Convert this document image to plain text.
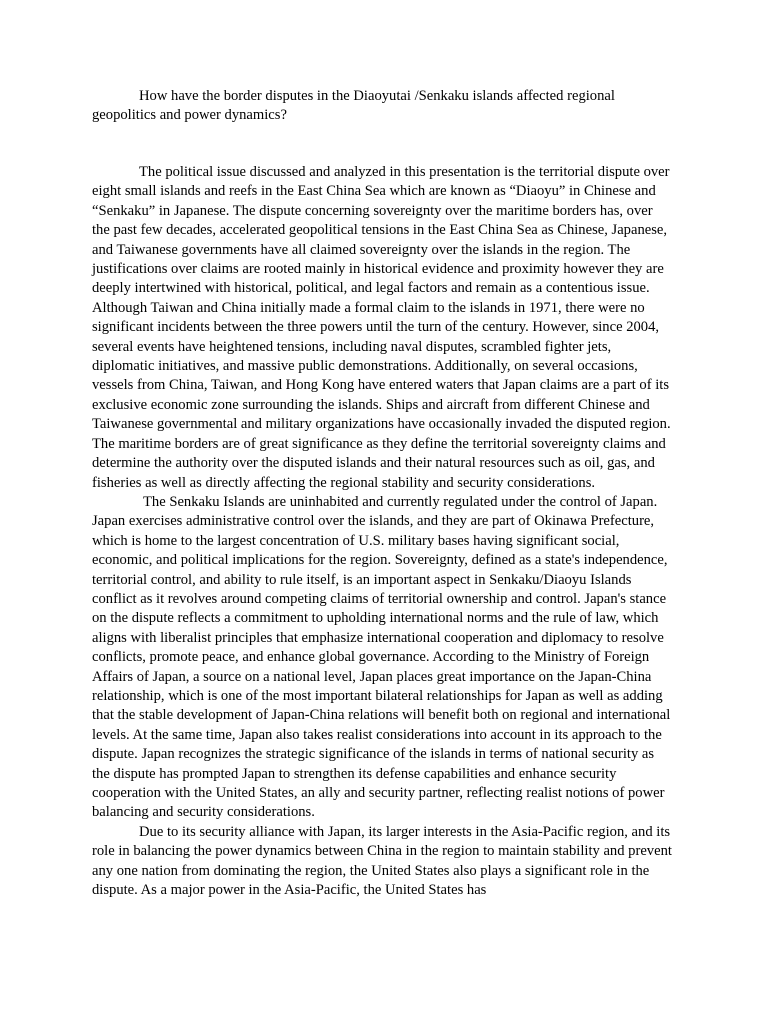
How have the border disputes in the Diaoyutai /Senkaku islands affected regional geopolitics and power dynamics?

The political issue discussed and analyzed in this presentation is the territorial dispute over eight small islands and reefs in the East China Sea which are known as “Diaoyu” in Chinese and “Senkaku” in Japanese. The dispute concerning sovereignty over the maritime borders has, over the past few decades, accelerated geopolitical tensions in the East China Sea as Chinese, Japanese, and Taiwanese governments have all claimed sovereignty over the islands in the region. The justifications over claims are rooted mainly in historical evidence and proximity however they are deeply intertwined with historical, political, and legal factors and remain as a contentious issue. Although Taiwan and China initially made a formal claim to the islands in 1971, there were no significant incidents between the three powers until the turn of the century. However, since 2004, several events have heightened tensions, including naval disputes, scrambled fighter jets, diplomatic initiatives, and massive public demonstrations. Additionally, on several occasions, vessels from China, Taiwan, and Hong Kong have entered waters that Japan claims are a part of its exclusive economic zone surrounding the islands. Ships and aircraft from different Chinese and Taiwanese governmental and military organizations have occasionally invaded the disputed region. The maritime borders are of great significance as they define the territorial sovereignty claims and determine the authority over the disputed islands and their natural resources such as oil, gas, and fisheries as well as directly affecting the regional stability and security considerations.

The Senkaku Islands are uninhabited and currently regulated under the control of Japan. Japan exercises administrative control over the islands, and they are part of Okinawa Prefecture, which is home to the largest concentration of U.S. military bases having significant social, economic, and political implications for the region. Sovereignty, defined as a state's independence, territorial control, and ability to rule itself, is an important aspect in Senkaku/Diaoyu Islands conflict as it revolves around competing claims of territorial ownership and control. Japan's stance on the dispute reflects a commitment to upholding international norms and the rule of law, which aligns with liberalist principles that emphasize international cooperation and diplomacy to resolve conflicts, promote peace, and enhance global governance. According to the Ministry of Foreign Affairs of Japan, a source on a national level, Japan places great importance on the Japan-China relationship, which is one of the most important bilateral relationships for Japan as well as adding that the stable development of Japan-China relations will benefit both on regional and international levels. At the same time, Japan also takes realist considerations into account in its approach to the dispute. Japan recognizes the strategic significance of the islands in terms of national security as the dispute has prompted Japan to strengthen its defense capabilities and enhance security cooperation with the United States, an ally and security partner, reflecting realist notions of power balancing and security considerations.

Due to its security alliance with Japan, its larger interests in the Asia-Pacific region, and its role in balancing the power dynamics between China in the region to maintain stability and prevent any one nation from dominating the region, the United States also plays a significant role in the dispute. As a major power in the Asia-Pacific, the United States has
